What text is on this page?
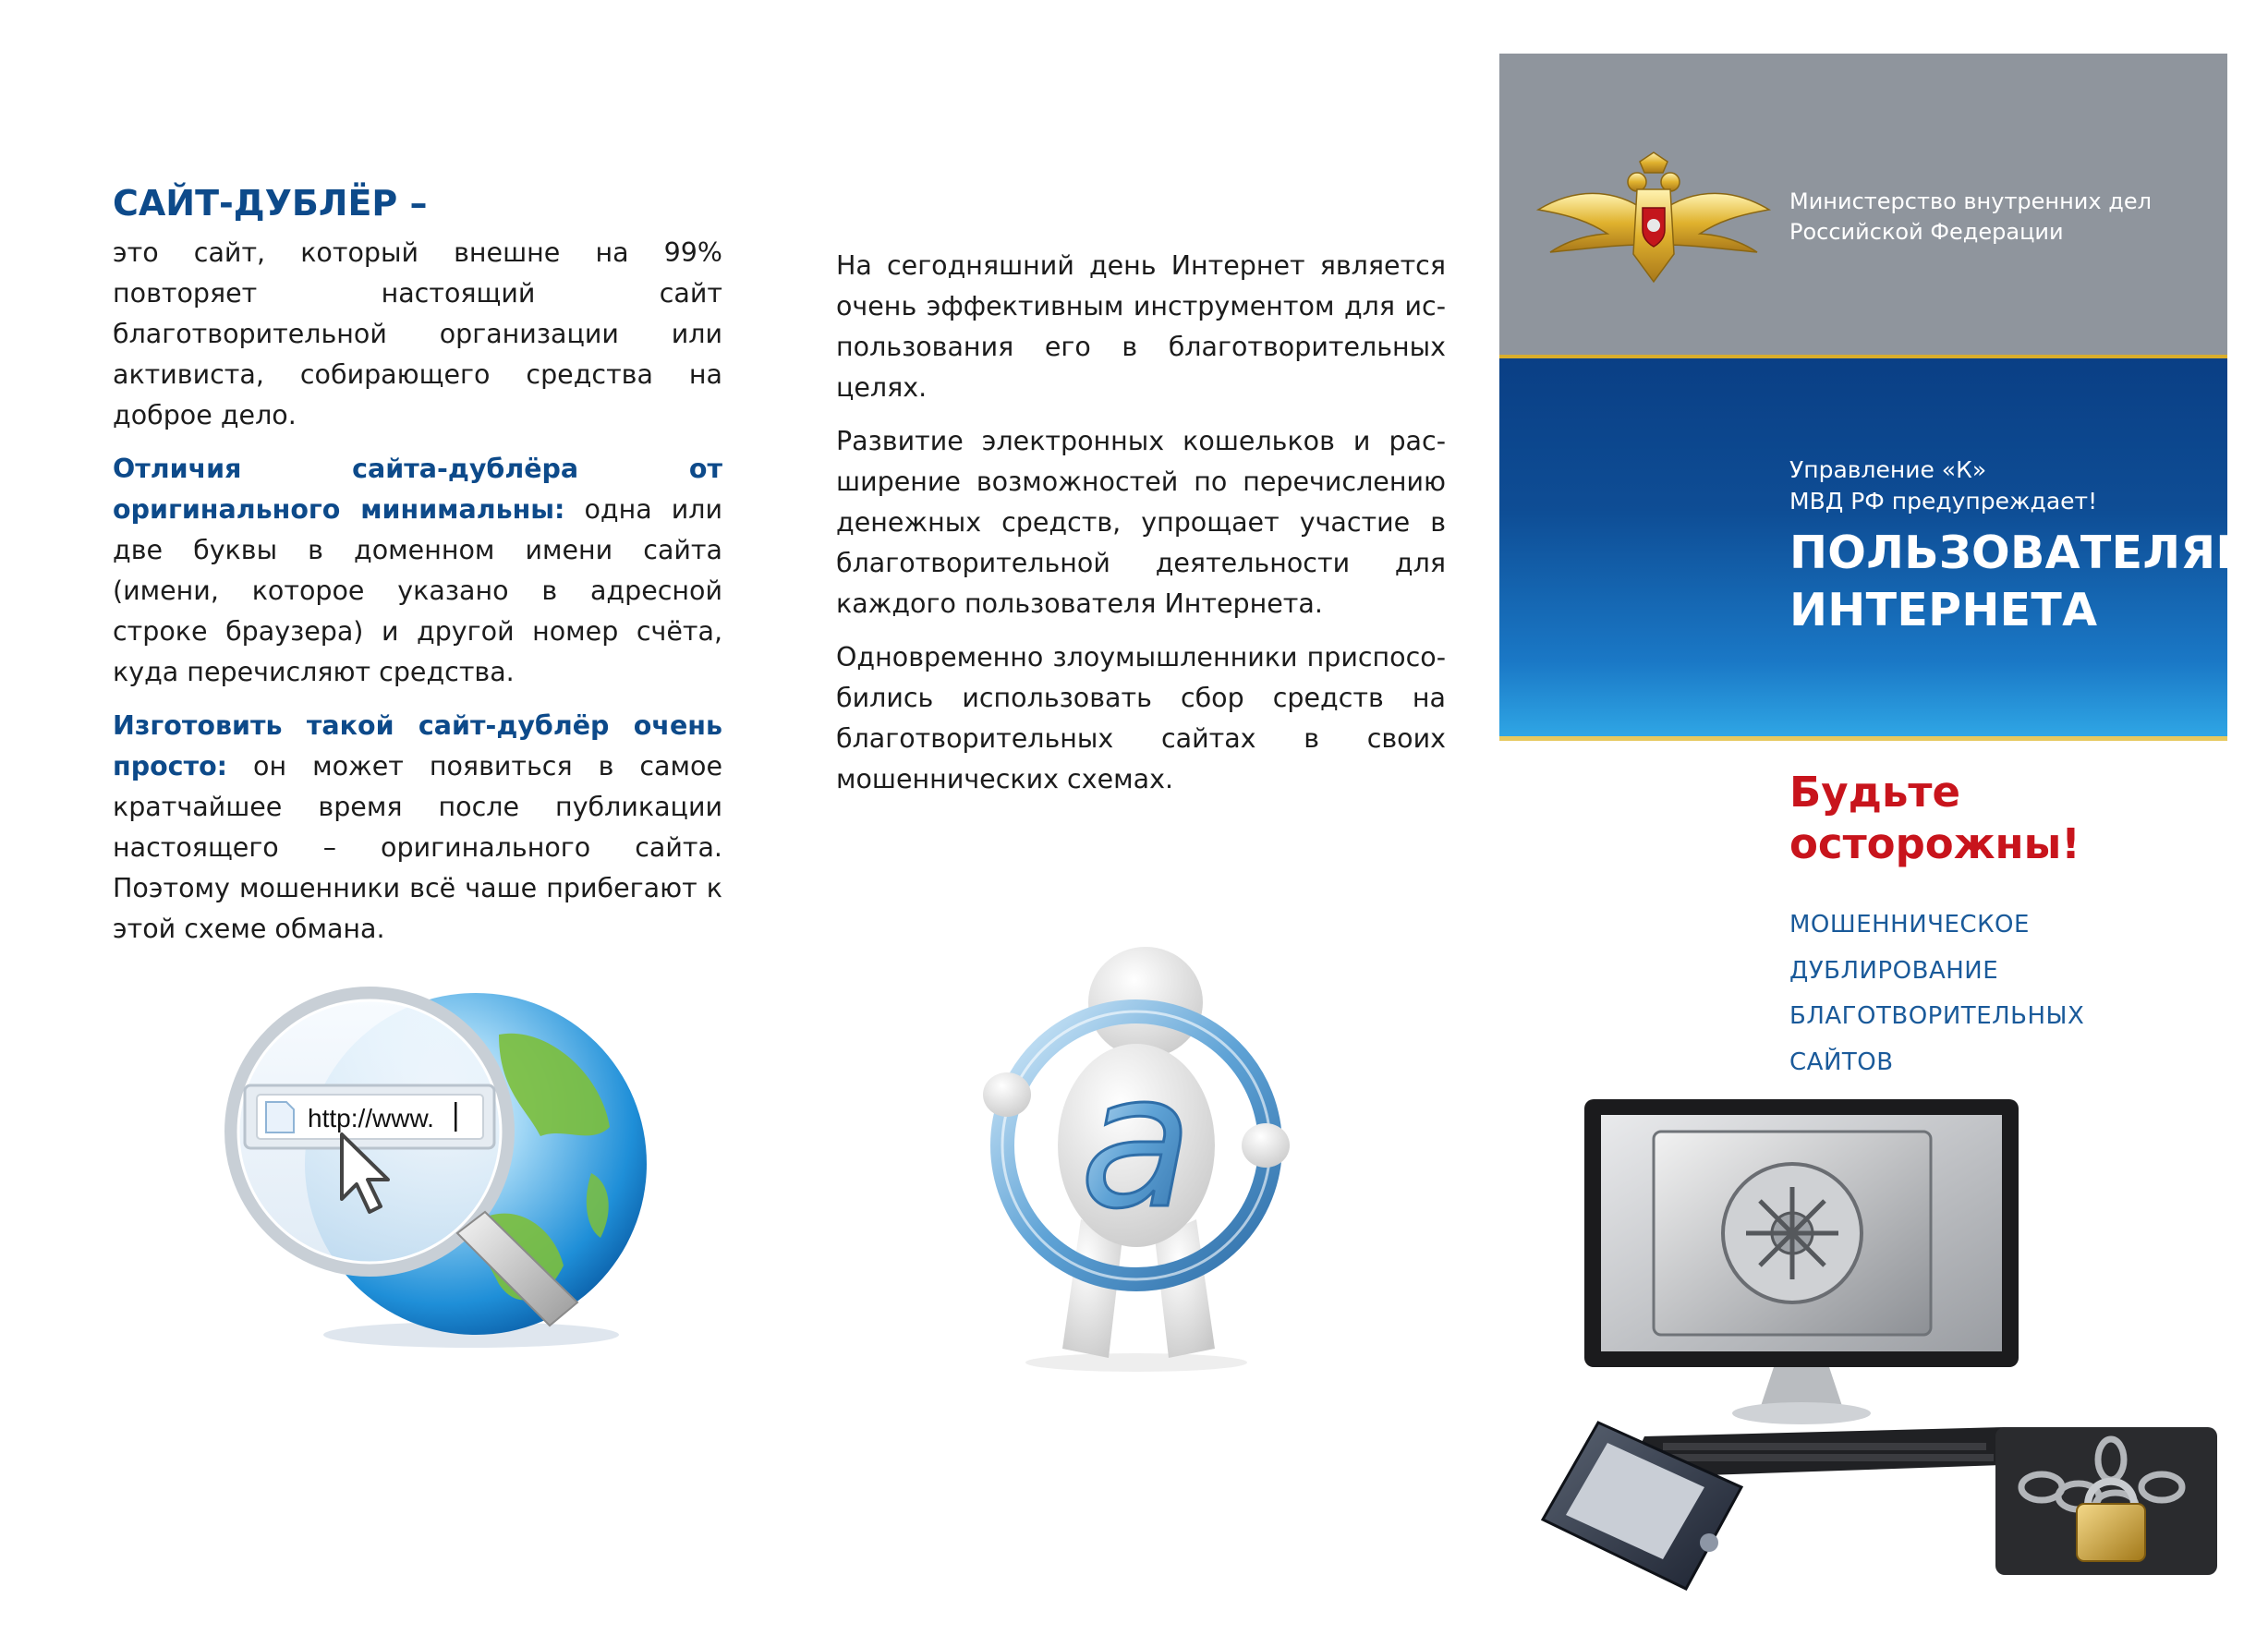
САЙТ-ДУБЛЁР –

это сайт, который внешне на 99% повторяет настоящий сайт благотворительной организации или активиста, собирающего средства на доброе дело.

Отличия сайта-дублёра от оригинального минимальны: одна или две буквы в доменном имени сайта (имени, которое указано в адресной строке браузера) и другой номер счёта, куда перечисляют средства.

Изготовить такой сайт-дублёр очень просто: он может появиться в самое кратчайшее время после публикации настоящего – оригинального сайта. Поэтому мошенники всё чаше прибегают к этой схеме обмана.

На сегодняшний день Интернет является очень эффективным инструментом для использования его в благотворительных целях.

Развитие электронных кошельков и расширение возможностей по перечислению денежных средств, упрощает участие в благотворительной деятельности для каждого пользователя Интернета.

Одновременно злоумышленники приспособились использовать сбор средств на благотворительных сайтах в своих мошеннических схемах.

http://www.	a
Министерство внутренних дел
Российской Федерации
Управление «К»
МВД РФ предупреждает!
ПОЛЬЗОВАТЕЛЯМ
ИНТЕРНЕТА
Будьте
осторожны!
МОШЕННИЧЕСКОЕ
ДУБЛИРОВАНИЕ
БЛАГОТВОРИТЕЛЬНЫХ
САЙТОВ
